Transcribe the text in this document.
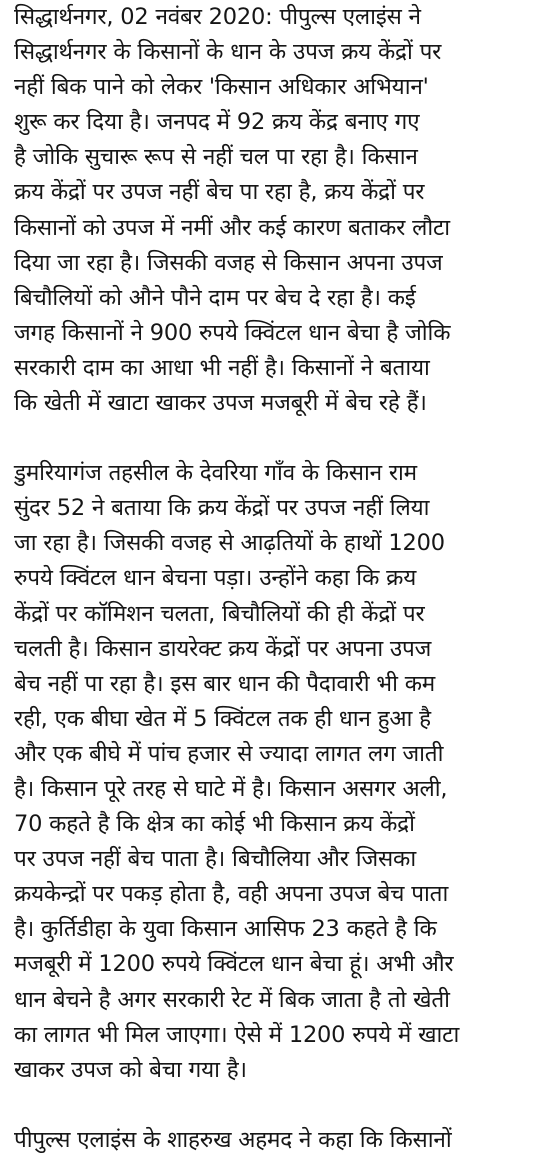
सिद्धार्थनगर, 02 नवंबर 2020: पीपुल्स एलाइंस ने
सिद्धार्थनगर के किसानों के धान के उपज क्रय केंद्रों पर
नहीं बिक पाने को लेकर 'किसान अधिकार अभियान'
शुरू कर दिया है। जनपद में 92 क्रय केंद्र बनाए गए
है जोकि सुचारू रूप से नहीं चल पा रहा है। किसान
क्रय केंद्रों पर उपज नहीं बेच पा रहा है, क्रय केंद्रों पर
किसानों को उपज में नमीं और कई कारण बताकर लौटा
दिया जा रहा है। जिसकी वजह से किसान अपना उपज
बिचौलियों को औने पौने दाम पर बेच दे रहा है। कई
जगह किसानों ने 900 रुपये क्विंटल धान बेचा है जोकि
सरकारी दाम का आधा भी नहीं है। किसानों ने बताया
कि खेती में खाटा खाकर उपज मजबूरी में बेच रहे हैं।
डुमरियागंज तहसील के देवरिया गाँव के किसान राम
सुंदर 52 ने बताया कि क्रय केंद्रों पर उपज नहीं लिया
जा रहा है। जिसकी वजह से आढ़तियों के हाथों 1200
रुपये क्विंटल धान बेचना पड़ा। उन्होंने कहा कि क्रय
केंद्रों पर कॉमिशन चलता, बिचौलियों की ही केंद्रों पर
चलती है। किसान डायरेक्ट क्रय केंद्रों पर अपना उपज
बेच नहीं पा रहा है। इस बार धान की पैदावारी भी कम
रही, एक बीघा खेत में 5 क्विंटल तक ही धान हुआ है
और एक बीघे में पांच हजार से ज्यादा लागत लग जाती
है। किसान पूरे तरह से घाटे में है। किसान असगर अली,
70 कहते है कि क्षेत्र का कोई भी किसान क्रय केंद्रों
पर उपज नहीं बेच पाता है। बिचौलिया और जिसका
क्रयकेन्द्रों पर पकड़ होता है, वही अपना उपज बेच पाता
है। कुर्तिडीहा के युवा किसान आसिफ 23 कहते है कि
मजबूरी में 1200 रुपये क्विंटल धान बेचा हूं। अभी और
धान बेचने है अगर सरकारी रेट में बिक जाता है तो खेती
का लागत भी मिल जाएगा। ऐसे में 1200 रुपये में खाटा
खाकर उपज को बेचा गया है।
पीपुल्स एलाइंस के शाहरुख अहमद ने कहा कि किसानों
